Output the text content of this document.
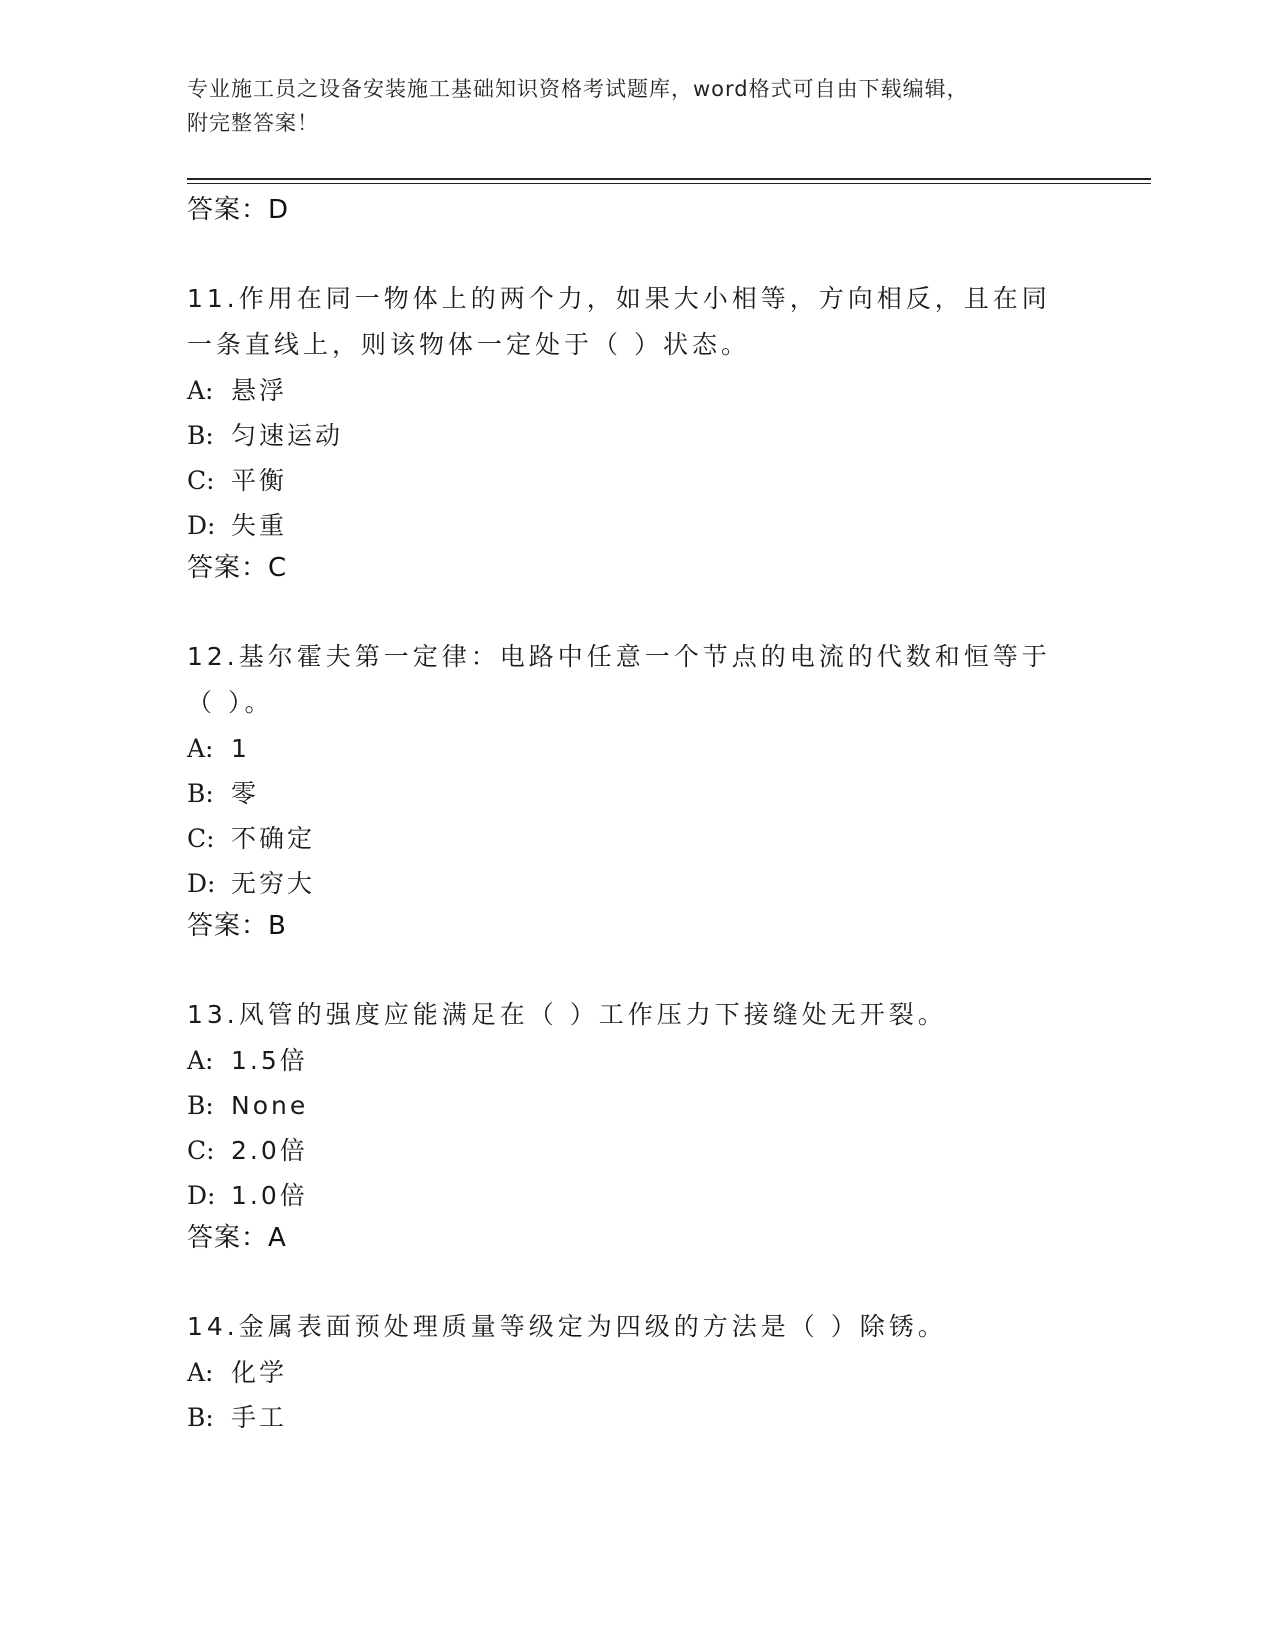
专业施工员之设备安装施工基础知识资格考试题库，word格式可自由下载编辑，
附完整答案！
答案：D
11.作用在同一物体上的两个力，如果大小相等，方向相反，且在同一条直线上，则该物体一定处于（ ）状态。
A: 悬浮
B: 匀速运动
C: 平衡
D: 失重
答案：C
12.基尔霍夫第一定律：电路中任意一个节点的电流的代数和恒等于（ ）。
A: 1
B: 零
C: 不确定
D: 无穷大
答案：B
13.风管的强度应能满足在（ ）工作压力下接缝处无开裂。
A: 1.5倍
B: None
C: 2.0倍
D: 1.0倍
答案：A
14.金属表面预处理质量等级定为四级的方法是（ ）除锈。
A: 化学
B: 手工
